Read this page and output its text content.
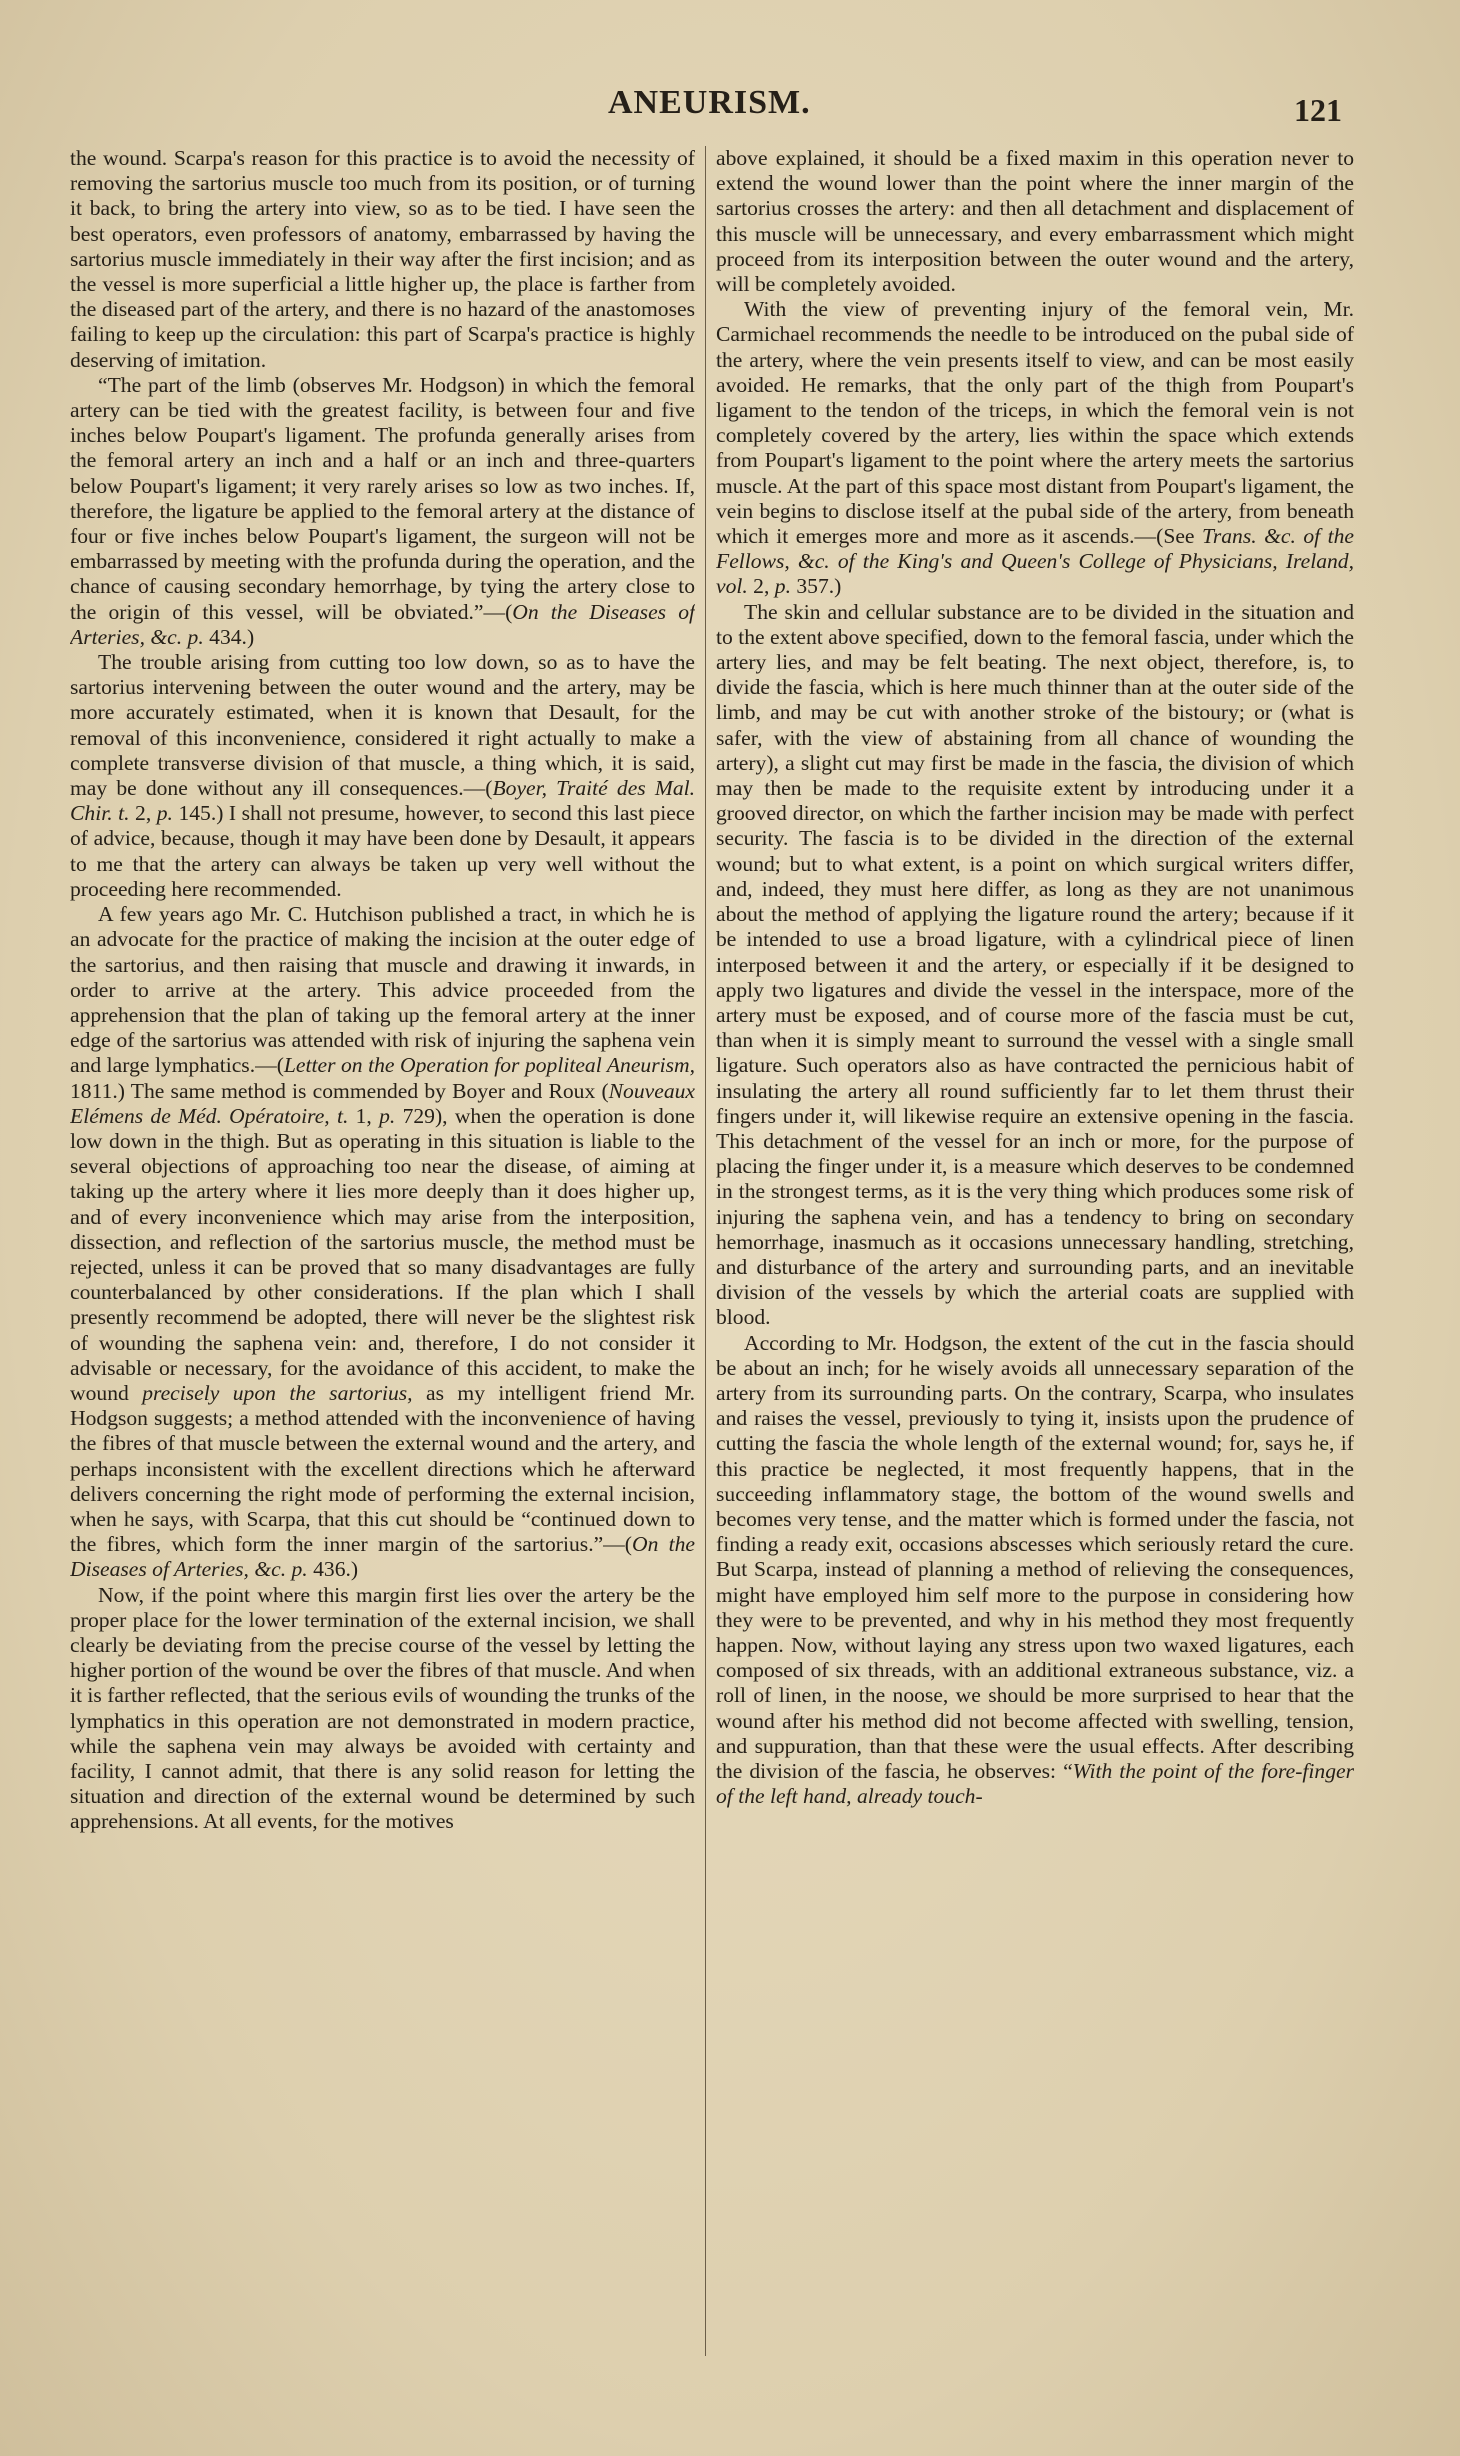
ANEURISM.	121

the wound. Scarpa's reason for this practice is to avoid the necessity of removing the sartorius muscle too much from its position, or of turning it back, to bring the artery into view, so as to be tied. I have seen the best operators, even professors of anatomy, embarrassed by having the sartorius muscle immediately in their way after the first incision; and as the vessel is more superficial a little higher up, the place is farther from the diseased part of the artery, and there is no hazard of the anastomoses failing to keep up the circulation: this part of Scarpa's practice is highly deserving of imitation.

“The part of the limb (observes Mr. Hodgson) in which the femoral artery can be tied with the greatest facility, is between four and five inches below Poupart's ligament. The profunda generally arises from the femoral artery an inch and a half or an inch and three-quarters below Poupart's ligament; it very rarely arises so low as two inches. If, therefore, the ligature be applied to the femoral artery at the distance of four or five inches below Poupart's ligament, the surgeon will not be embarrassed by meeting with the profunda during the operation, and the chance of causing secondary hemorrhage, by tying the artery close to the origin of this vessel, will be obviated.”—(On the Diseases of Arteries, &c. p. 434.)

The trouble arising from cutting too low down, so as to have the sartorius intervening between the outer wound and the artery, may be more accurately estimated, when it is known that Desault, for the removal of this inconvenience, considered it right actually to make a complete transverse division of that muscle, a thing which, it is said, may be done without any ill consequences.—(Boyer, Traité des Mal. Chir. t. 2, p. 145.) I shall not presume, however, to second this last piece of advice, because, though it may have been done by Desault, it appears to me that the artery can always be taken up very well without the proceeding here recommended.

A few years ago Mr. C. Hutchison published a tract, in which he is an advocate for the practice of making the incision at the outer edge of the sartorius, and then raising that muscle and drawing it inwards, in order to arrive at the artery. This advice proceeded from the apprehension that the plan of taking up the femoral artery at the inner edge of the sartorius was attended with risk of injuring the saphena vein and large lymphatics.—(Letter on the Operation for popliteal Aneurism, 1811.) The same method is commended by Boyer and Roux (Nouveaux Elémens de Méd. Opératoire, t. 1, p. 729), when the operation is done low down in the thigh. But as operating in this situation is liable to the several objections of approaching too near the disease, of aiming at taking up the artery where it lies more deeply than it does higher up, and of every inconvenience which may arise from the interposition, dissection, and reflection of the sartorius muscle, the method must be rejected, unless it can be proved that so many disadvantages are fully counterbalanced by other considerations. If the plan which I shall presently recommend be adopted, there will never be the slightest risk of wounding the saphena vein: and, therefore, I do not consider it advisable or necessary, for the avoidance of this accident, to make the wound precisely upon the sartorius, as my intelligent friend Mr. Hodgson suggests; a method attended with the inconvenience of having the fibres of that muscle between the external wound and the artery, and perhaps inconsistent with the excellent directions which he afterward delivers concerning the right mode of performing the external incision, when he says, with Scarpa, that this cut should be “continued down to the fibres, which form the inner margin of the sartorius.”—(On the Diseases of Arteries, &c. p. 436.)

Now, if the point where this margin first lies over the artery be the proper place for the lower termination of the external incision, we shall clearly be deviating from the precise course of the vessel by letting the higher portion of the wound be over the fibres of that muscle. And when it is farther reflected, that the serious evils of wounding the trunks of the lymphatics in this operation are not demonstrated in modern practice, while the saphena vein may always be avoided with certainty and facility, I cannot admit, that there is any solid reason for letting the situation and direction of the external wound be determined by such apprehensions. At all events, for the motives

above explained, it should be a fixed maxim in this operation never to extend the wound lower than the point where the inner margin of the sartorius crosses the artery: and then all detachment and displacement of this muscle will be unnecessary, and every embarrassment which might proceed from its interposition between the outer wound and the artery, will be completely avoided.

With the view of preventing injury of the femoral vein, Mr. Carmichael recommends the needle to be introduced on the pubal side of the artery, where the vein presents itself to view, and can be most easily avoided. He remarks, that the only part of the thigh from Poupart's ligament to the tendon of the triceps, in which the femoral vein is not completely covered by the artery, lies within the space which extends from Poupart's ligament to the point where the artery meets the sartorius muscle. At the part of this space most distant from Poupart's ligament, the vein begins to disclose itself at the pubal side of the artery, from beneath which it emerges more and more as it ascends.—(See Trans. &c. of the Fellows, &c. of the King's and Queen's College of Physicians, Ireland, vol. 2, p. 357.)

The skin and cellular substance are to be divided in the situation and to the extent above specified, down to the femoral fascia, under which the artery lies, and may be felt beating. The next object, therefore, is, to divide the fascia, which is here much thinner than at the outer side of the limb, and may be cut with another stroke of the bistoury; or (what is safer, with the view of abstaining from all chance of wounding the artery), a slight cut may first be made in the fascia, the division of which may then be made to the requisite extent by introducing under it a grooved director, on which the farther incision may be made with perfect security. The fascia is to be divided in the direction of the external wound; but to what extent, is a point on which surgical writers differ, and, indeed, they must here differ, as long as they are not unanimous about the method of applying the ligature round the artery; because if it be intended to use a broad ligature, with a cylindrical piece of linen interposed between it and the artery, or especially if it be designed to apply two ligatures and divide the vessel in the interspace, more of the artery must be exposed, and of course more of the fascia must be cut, than when it is simply meant to surround the vessel with a single small ligature. Such operators also as have contracted the pernicious habit of insulating the artery all round sufficiently far to let them thrust their fingers under it, will likewise require an extensive opening in the fascia. This detachment of the vessel for an inch or more, for the purpose of placing the finger under it, is a measure which deserves to be condemned in the strongest terms, as it is the very thing which produces some risk of injuring the saphena vein, and has a tendency to bring on secondary hemorrhage, inasmuch as it occasions unnecessary handling, stretching, and disturbance of the artery and surrounding parts, and an inevitable division of the vessels by which the arterial coats are supplied with blood.

According to Mr. Hodgson, the extent of the cut in the fascia should be about an inch; for he wisely avoids all unnecessary separation of the artery from its surrounding parts. On the contrary, Scarpa, who insulates and raises the vessel, previously to tying it, insists upon the prudence of cutting the fascia the whole length of the external wound; for, says he, if this practice be neglected, it most frequently happens, that in the succeeding inflammatory stage, the bottom of the wound swells and becomes very tense, and the matter which is formed under the fascia, not finding a ready exit, occasions abscesses which seriously retard the cure. But Scarpa, instead of planning a method of relieving the consequences, might have employed him self more to the purpose in considering how they were to be prevented, and why in his method they most frequently happen. Now, without laying any stress upon two waxed ligatures, each composed of six threads, with an additional extraneous substance, viz. a roll of linen, in the noose, we should be more surprised to hear that the wound after his method did not become affected with swelling, tension, and suppuration, than that these were the usual effects. After describing the division of the fascia, he observes: “With the point of the fore-finger of the left hand, already touch-
